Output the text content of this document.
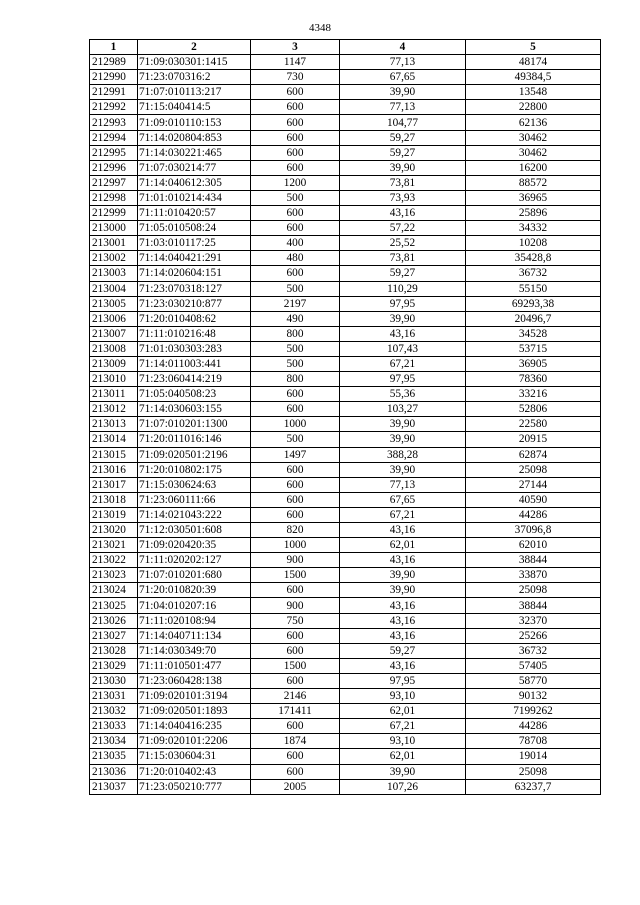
4348
1	2	3	4	5
212989	71:09:030301:1415	1147	77,13	48174
212990	71:23:070316:2	730	67,65	49384,5
212991	71:07:010113:217	600	39,90	13548
212992	71:15:040414:5	600	77,13	22800
212993	71:09:010110:153	600	104,77	62136
212994	71:14:020804:853	600	59,27	30462
212995	71:14:030221:465	600	59,27	30462
212996	71:07:030214:77	600	39,90	16200
212997	71:14:040612:305	1200	73,81	88572
212998	71:01:010214:434	500	73,93	36965
212999	71:11:010420:57	600	43,16	25896
213000	71:05:010508:24	600	57,22	34332
213001	71:03:010117:25	400	25,52	10208
213002	71:14:040421:291	480	73,81	35428,8
213003	71:14:020604:151	600	59,27	36732
213004	71:23:070318:127	500	110,29	55150
213005	71:23:030210:877	2197	97,95	69293,38
213006	71:20:010408:62	490	39,90	20496,7
213007	71:11:010216:48	800	43,16	34528
213008	71:01:030303:283	500	107,43	53715
213009	71:14:011003:441	500	67,21	36905
213010	71:23:060414:219	800	97,95	78360
213011	71:05:040508:23	600	55,36	33216
213012	71:14:030603:155	600	103,27	52806
213013	71:07:010201:1300	1000	39,90	22580
213014	71:20:011016:146	500	39,90	20915
213015	71:09:020501:2196	1497	388,28	62874
213016	71:20:010802:175	600	39,90	25098
213017	71:15:030624:63	600	77,13	27144
213018	71:23:060111:66	600	67,65	40590
213019	71:14:021043:222	600	67,21	44286
213020	71:12:030501:608	820	43,16	37096,8
213021	71:09:020420:35	1000	62,01	62010
213022	71:11:020202:127	900	43,16	38844
213023	71:07:010201:680	1500	39,90	33870
213024	71:20:010820:39	600	39,90	25098
213025	71:04:010207:16	900	43,16	38844
213026	71:11:020108:94	750	43,16	32370
213027	71:14:040711:134	600	43,16	25266
213028	71:14:030349:70	600	59,27	36732
213029	71:11:010501:477	1500	43,16	57405
213030	71:23:060428:138	600	97,95	58770
213031	71:09:020101:3194	2146	93,10	90132
213032	71:09:020501:1893	171411	62,01	7199262
213033	71:14:040416:235	600	67,21	44286
213034	71:09:020101:2206	1874	93,10	78708
213035	71:15:030604:31	600	62,01	19014
213036	71:20:010402:43	600	39,90	25098
213037	71:23:050210:777	2005	107,26	63237,7
